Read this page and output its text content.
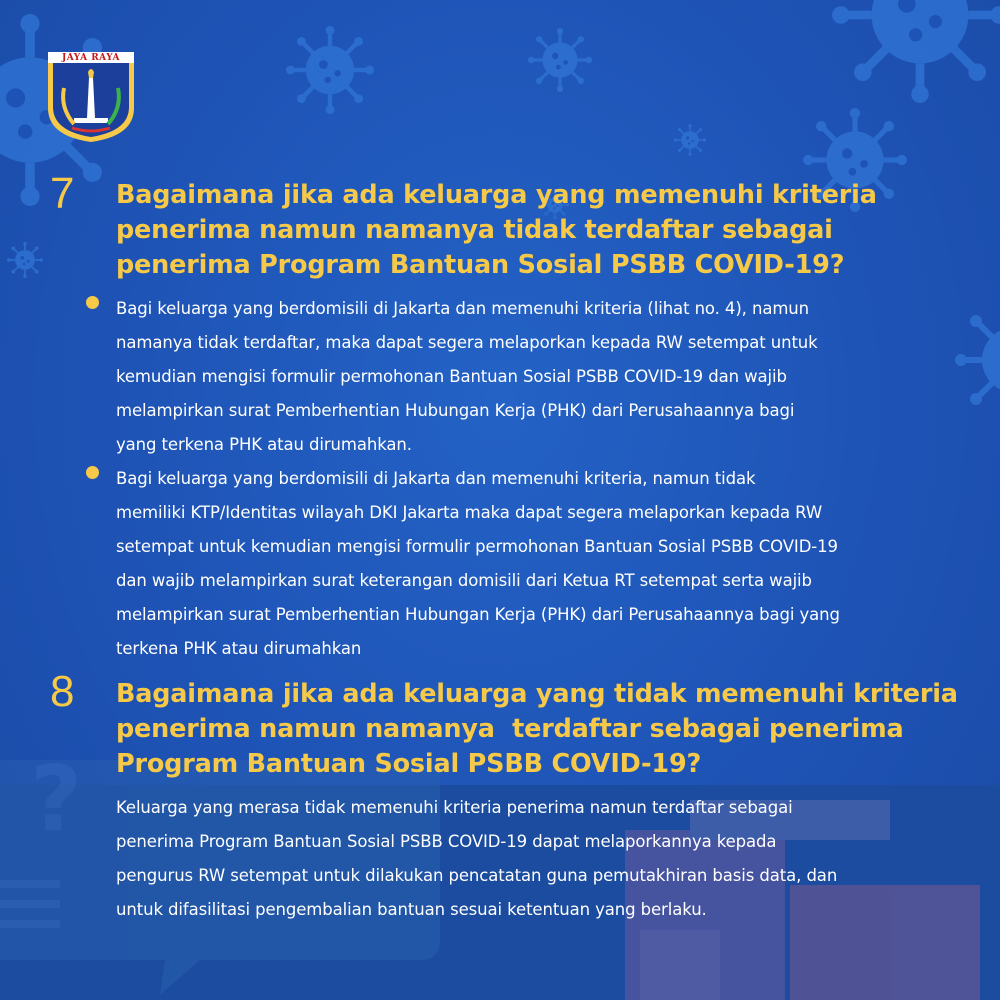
?
JAYA RAYA
7 Bagaimana jika ada keluarga yang memenuhi kriteria
penerima namun namanya tidak terdaftar sebagai
penerima Program Bantuan Sosial PSBB COVID-19?
Bagi keluarga yang berdomisili di Jakarta dan memenuhi kriteria (lihat no. 4), namun
namanya tidak terdaftar, maka dapat segera melaporkan kepada RW setempat untuk
kemudian mengisi formulir permohonan Bantuan Sosial PSBB COVID-19 dan wajib
melampirkan surat Pemberhentian Hubungan Kerja (PHK) dari Perusahaannya bagi
yang terkena PHK atau dirumahkan.
Bagi keluarga yang berdomisili di Jakarta dan memenuhi kriteria, namun tidak
memiliki KTP/Identitas wilayah DKI Jakarta maka dapat segera melaporkan kepada RW
setempat untuk kemudian mengisi formulir permohonan Bantuan Sosial PSBB COVID-19
dan wajib melampirkan surat keterangan domisili dari Ketua RT setempat serta wajib
melampirkan surat Pemberhentian Hubungan Kerja (PHK) dari Perusahaannya bagi yang
terkena PHK atau dirumahkan
8 Bagaimana jika ada keluarga yang tidak memenuhi kriteria
penerima namun namanya  terdaftar sebagai penerima
Program Bantuan Sosial PSBB COVID-19?
Keluarga yang merasa tidak memenuhi kriteria penerima namun terdaftar sebagai
penerima Program Bantuan Sosial PSBB COVID-19 dapat melaporkannya kepada
pengurus RW setempat untuk dilakukan pencatatan guna pemutakhiran basis data, dan
untuk difasilitasi pengembalian bantuan sesuai ketentuan yang berlaku.
